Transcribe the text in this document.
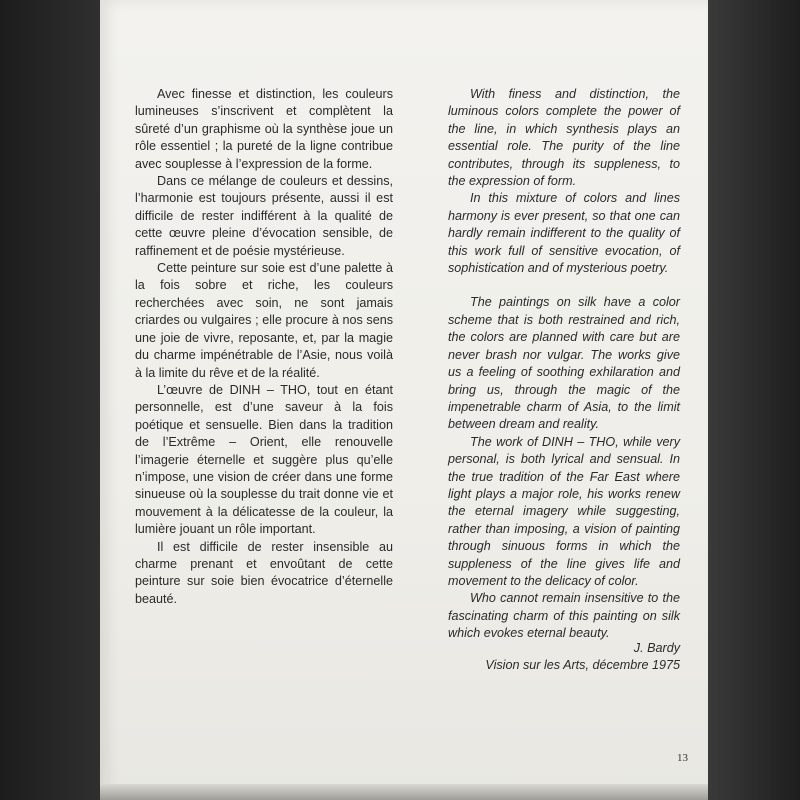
Avec finesse et distinction, les couleurs lumineuses s’inscrivent et complètent la sûreté d’un graphisme où la synthèse joue un rôle essentiel ; la pureté de la ligne contribue avec souplesse à l’expression de la forme.

Dans ce mélange de couleurs et dessins, l’harmonie est toujours présente, aussi il est difficile de rester indifférent à la qualité de cette œuvre pleine d’évocation sensible, de raffinement et de poésie mystérieuse.

Cette peinture sur soie est d’une palette à la fois sobre et riche, les couleurs recherchées avec soin, ne sont jamais criardes ou vulgaires ; elle procure à nos sens une joie de vivre, reposante, et, par la magie du charme impénétrable de l’Asie, nous voilà à la limite du rêve et de la réalité.

L’œuvre de DINH – THO, tout en étant personnelle, est d’une saveur à la fois poétique et sensuelle. Bien dans la tradition de l’Extrême – Orient, elle renouvelle l’imagerie éternelle et suggère plus qu’elle n’impose, une vision de créer dans une forme sinueuse où la souplesse du trait donne vie et mouvement à la délicatesse de la couleur, la lumière jouant un rôle important.

Il est difficile de rester insensible au charme prenant et envoûtant de cette peinture sur soie bien évocatrice d’éternelle beauté.

With finess and distinction, the luminous colors complete the power of the line, in which synthesis plays an essential role. The purity of the line contributes, through its suppleness, to the expression of form.

In this mixture of colors and lines harmony is ever present, so that one can hardly remain indifferent to the quality of this work full of sensitive evocation, of sophistication and of mysterious poetry.

The paintings on silk have a color scheme that is both restrained and rich, the colors are planned with care but are never brash nor vulgar. The works give us a feeling of soothing exhilaration and bring us, through the magic of the impenetrable charm of Asia, to the limit between dream and reality.

The work of DINH – THO, while very personal, is both lyrical and sensual. In the true tradition of the Far East where light plays a major role, his works renew the eternal imagery while suggesting, rather than imposing, a vision of painting through sinuous forms in which the suppleness of the line gives life and movement to the delicacy of color.

Who cannot remain insensitive to the fascinating charm of this painting on silk which evokes eternal beauty.

J. Bardy
Vision sur les Arts, décembre 1975
13
